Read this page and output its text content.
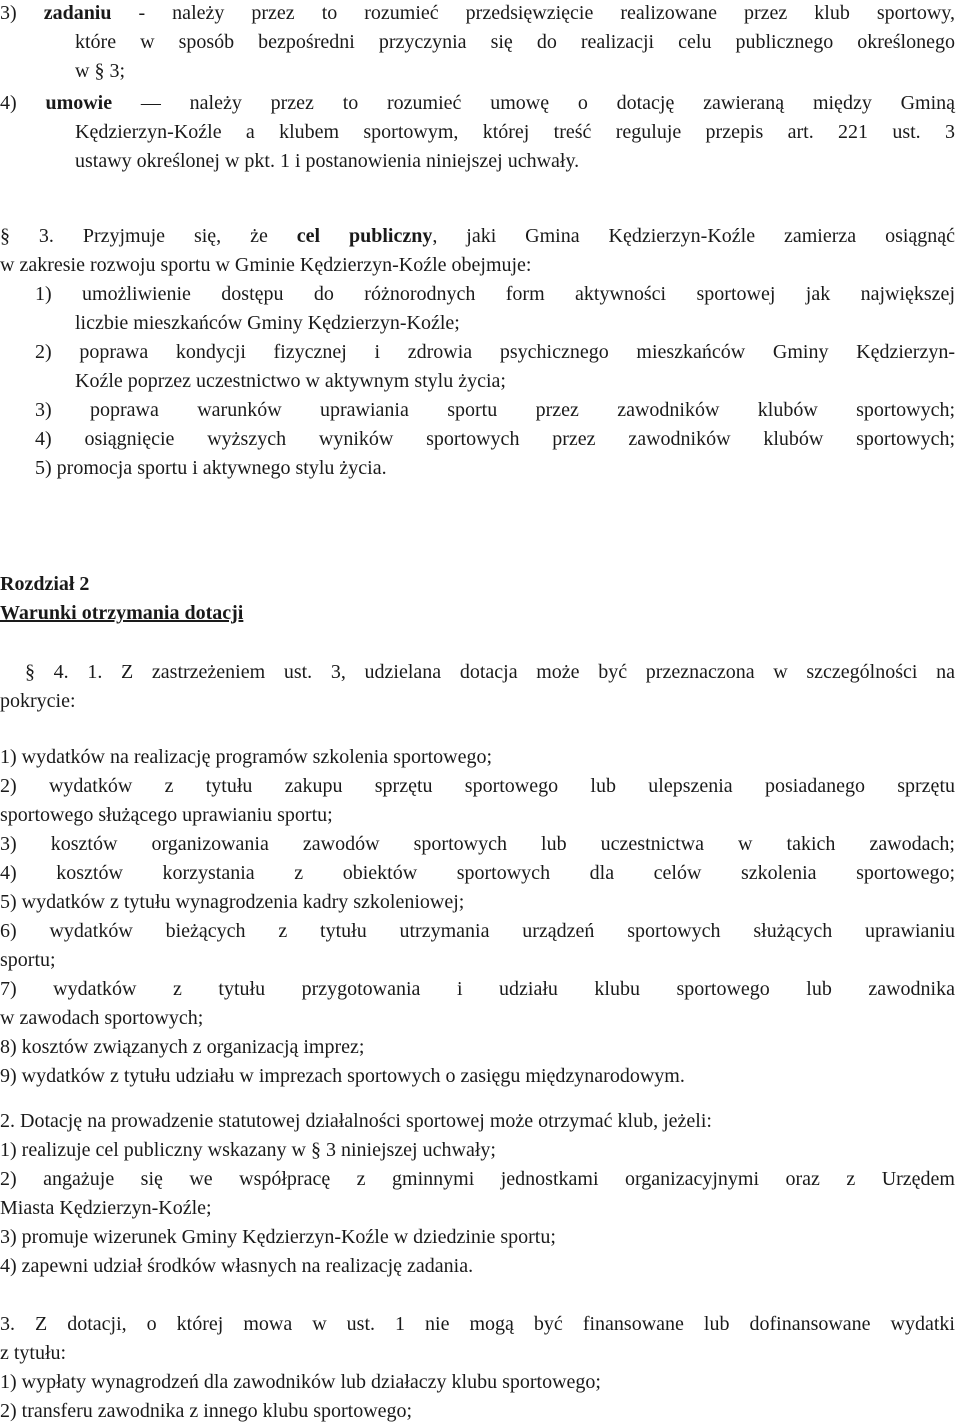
3) zadaniu - należy przez to rozumieć przedsięwzięcie realizowane przez klub sportowy,
które w sposób bezpośredni przyczynia się do realizacji celu publicznego określonego
w § 3;
4) umowie — należy przez to rozumieć umowę o dotację zawieraną między Gminą
Kędzierzyn-Koźle a klubem sportowym, której treść reguluje przepis art. 221 ust. 3
ustawy określonej w pkt. 1 i postanowienia niniejszej uchwały.
§ 3. Przyjmuje się, że cel publiczny, jaki Gmina Kędzierzyn-Koźle zamierza osiągnąć
w zakresie rozwoju sportu w Gminie Kędzierzyn-Koźle obejmuje:
1) umożliwienie dostępu do różnorodnych form aktywności sportowej jak największej
liczbie mieszkańców Gminy Kędzierzyn-Koźle;
2) poprawa kondycji fizycznej i zdrowia psychicznego mieszkańców Gminy Kędzierzyn-
Koźle poprzez uczestnictwo w aktywnym stylu życia;
3) poprawa warunków uprawiania sportu przez zawodników klubów sportowych;
4) osiągnięcie wyższych wyników sportowych przez zawodników klubów sportowych;
5) promocja sportu i aktywnego stylu życia.
Rozdział 2
Warunki otrzymania dotacji
§ 4. 1. Z zastrzeżeniem ust. 3, udzielana dotacja może być przeznaczona w szczególności na
pokrycie:
1) wydatków na realizację programów szkolenia sportowego;
2) wydatków z tytułu zakupu sprzętu sportowego lub ulepszenia posiadanego sprzętu
sportowego służącego uprawianiu sportu;
3) kosztów organizowania zawodów sportowych lub uczestnictwa w takich zawodach;
4) kosztów korzystania z obiektów sportowych dla celów szkolenia sportowego;
5) wydatków z tytułu wynagrodzenia kadry szkoleniowej;
6) wydatków bieżących z tytułu utrzymania urządzeń sportowych służących uprawianiu
sportu;
7) wydatków z tytułu przygotowania i udziału klubu sportowego lub zawodnika
w zawodach sportowych;
8) kosztów związanych z organizacją imprez;
9) wydatków z tytułu udziału w imprezach sportowych o zasięgu międzynarodowym.
2. Dotację na prowadzenie statutowej działalności sportowej może otrzymać klub, jeżeli:
1) realizuje cel publiczny wskazany w § 3 niniejszej uchwały;
2) angażuje się we współpracę z gminnymi jednostkami organizacyjnymi oraz z Urzędem
Miasta Kędzierzyn-Koźle;
3) promuje wizerunek Gminy Kędzierzyn-Koźle w dziedzinie sportu;
4) zapewni udział środków własnych na realizację zadania.
3. Z dotacji, o której mowa w ust. 1 nie mogą być finansowane lub dofinansowane wydatki
z tytułu:
1) wypłaty wynagrodzeń dla zawodników lub działaczy klubu sportowego;
2) transferu zawodnika z innego klubu sportowego;
